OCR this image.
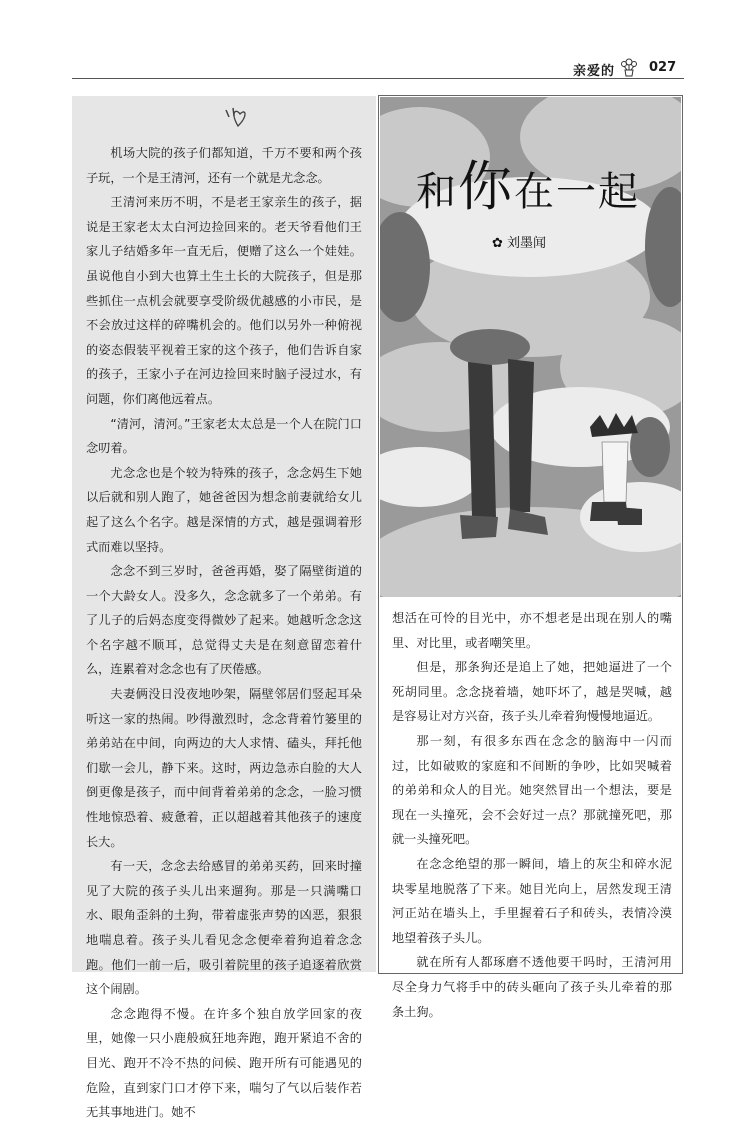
亲爱的	027

机场大院的孩子们都知道，千万不要和两个孩子玩，一个是王清河，还有一个就是尤念念。

王清河来历不明，不是老王家亲生的孩子，据说是王家老太太白河边捡回来的。老天爷看他们王家儿子结婚多年一直无后，便赠了这么一个娃娃。虽说他自小到大也算土生土长的大院孩子，但是那些抓住一点机会就要享受阶级优越感的小市民，是不会放过这样的碎嘴机会的。他们以另外一种俯视的姿态假装平视着王家的这个孩子，他们告诉自家的孩子，王家小子在河边捡回来时脑子浸过水，有问题，你们离他远着点。

“清河，清河。”王家老太太总是一个人在院门口念叨着。

尤念念也是个较为特殊的孩子，念念妈生下她以后就和别人跑了，她爸爸因为想念前妻就给女儿起了这么个名字。越是深情的方式，越是强调着形式而难以坚持。

念念不到三岁时，爸爸再婚，娶了隔壁街道的一个大龄女人。没多久，念念就多了一个弟弟。有了儿子的后妈态度变得微妙了起来。她越听念念这个名字越不顺耳，总觉得丈夫是在刻意留恋着什么，连累着对念念也有了厌倦感。

夫妻俩没日没夜地吵架，隔壁邻居们竖起耳朵听这一家的热闹。吵得激烈时，念念背着竹篓里的弟弟站在中间，向两边的大人求情、磕头，拜托他们歇一会儿，静下来。这时，两边急赤白脸的大人倒更像是孩子，而中间背着弟弟的念念，一脸习惯性地惊恐着、疲惫着，正以超越着其他孩子的速度长大。

有一天，念念去给感冒的弟弟买药，回来时撞见了大院的孩子头儿出来遛狗。那是一只满嘴口水、眼角歪斜的土狗，带着虚张声势的凶恶，狠狠地喘息着。孩子头儿看见念念便牵着狗追着念念跑。他们一前一后，吸引着院里的孩子追逐着欣赏这个闹剧。

念念跑得不慢。在许多个独自放学回家的夜里，她像一只小鹿般疯狂地奔跑，跑开紧追不舍的目光、跑开不冷不热的问候、跑开所有可能遇见的危险，直到家门口才停下来，喘匀了气以后装作若无其事地进门。她不

和你在一起
✿ 刘墨闻

想活在可怜的目光中，亦不想老是出现在别人的嘴里、对比里，或者嘲笑里。

但是，那条狗还是追上了她，把她逼进了一个死胡同里。念念挠着墙，她吓坏了，越是哭喊，越是容易让对方兴奋，孩子头儿牵着狗慢慢地逼近。

那一刻，有很多东西在念念的脑海中一闪而过，比如破败的家庭和不间断的争吵，比如哭喊着的弟弟和众人的目光。她突然冒出一个想法，要是现在一头撞死，会不会好过一点？那就撞死吧，那就一头撞死吧。

在念念绝望的那一瞬间，墙上的灰尘和碎水泥块零星地脱落了下来。她目光向上，居然发现王清河正站在墙头上，手里握着石子和砖头，表情冷漠地望着孩子头儿。

就在所有人都琢磨不透他要干吗时，王清河用尽全身力气将手中的砖头砸向了孩子头儿牵着的那条土狗。
